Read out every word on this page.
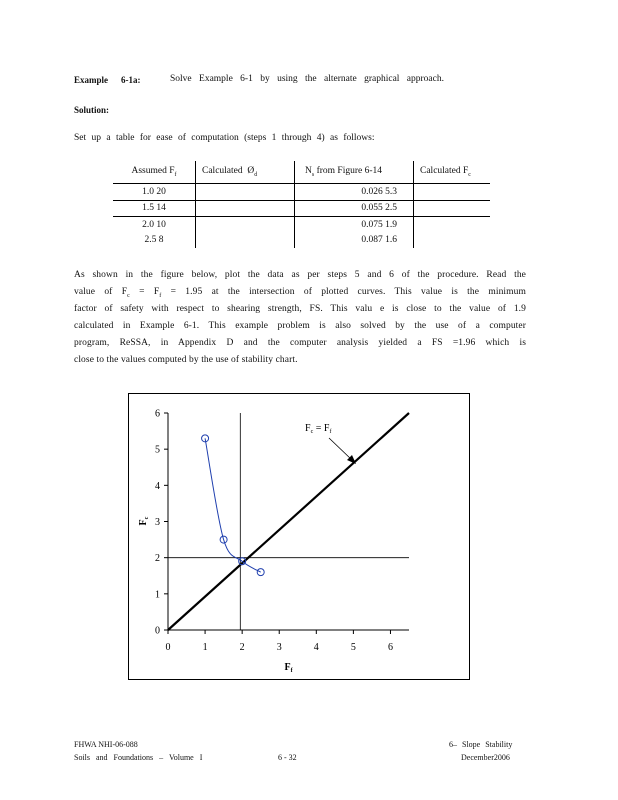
Example 6-1a:	Solve Example 6-1 by using the alternate graphical approach.
Solution:
Set up a table for ease of computation (steps 1 through 4) as follows:
Assumed $F_f$	Calculated $Ø_d$	$N_s$ from Figure 6-14	Calculated $F_c$
1.0 20		0.026 5.3	
1.5 14		0.055 2.5	
2.0 10		0.075 1.9	
2.5 8		0.087 1.6	
As shown in the figure below, plot the data as per steps 5 and 6 of the procedure. Read the
value of $F_c = F_f = 1.95$ at the intersection of plotted curves. This value is the minimum
factor of safety with respect to shearing strength, FS. This valu e is close to the value of 1.9
calculated in Example 6-1. This example problem is also solved by the use of a computer
program, ReSSA, in Appendix D and the computer analysis yielded a FS =1.96 which is
close to the values computed by the use of stability chart.
0	1	2	3	4	5	6
0
1
2
3
4
5
6
$F_c = F_f$
$F_f$
$F_c$
FHWA NHI-06-088
Soils and Foundations – Volume I	6 - 32
6– Slope Stability
December2006
